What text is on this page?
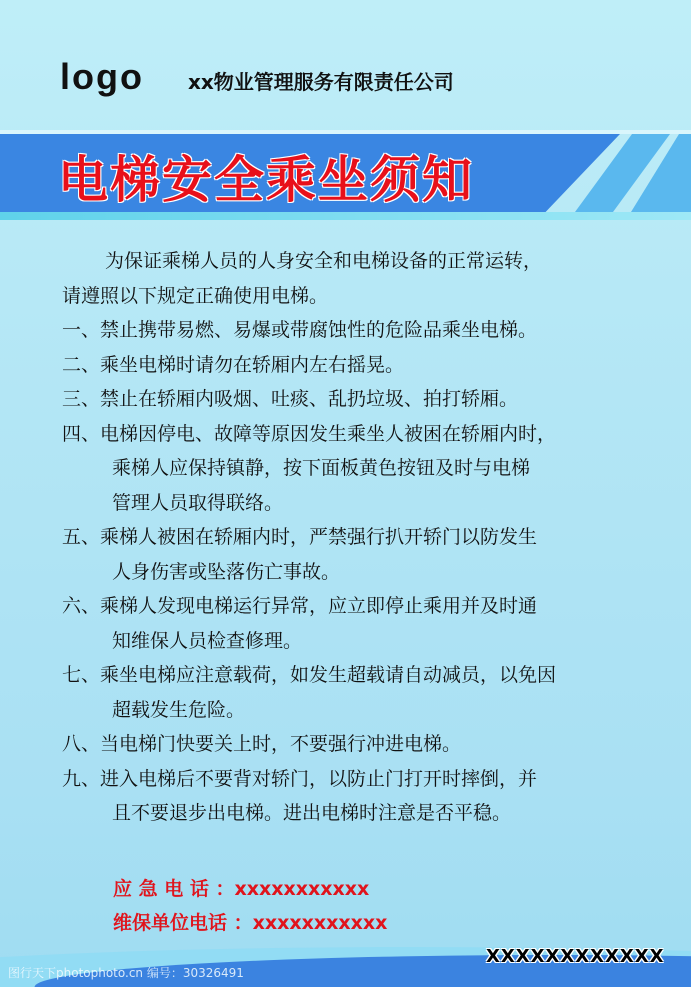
logo xx物业管理服务有限责任公司
电梯安全乘坐须知
为保证乘梯人员的人身安全和电梯设备的正常运转，
请遵照以下规定正确使用电梯。
一、禁止携带易燃、易爆或带腐蚀性的危险品乘坐电梯。
二、乘坐电梯时请勿在轿厢内左右摇晃。
三、禁止在轿厢内吸烟、吐痰、乱扔垃圾、拍打轿厢。
四、电梯因停电、故障等原因发生乘坐人被困在轿厢内时，
乘梯人应保持镇静，按下面板黄色按钮及时与电梯
管理人员取得联络。
五、乘梯人被困在轿厢内时，严禁强行扒开轿门以防发生
人身伤害或坠落伤亡事故。
六、乘梯人发现电梯运行异常，应立即停止乘用并及时通
知维保人员检查修理。
七、乘坐电梯应注意载荷，如发生超载请自动减员，以免因
超载发生危险。
八、当电梯门快要关上时，不要强行冲进电梯。
九、进入电梯后不要背对轿门，以防止门打开时摔倒，并
且不要退步出电梯。进出电梯时注意是否平稳。
应 急 电 话 ：xxxxxxxxxxx
维保单位电话 ：xxxxxxxxxxx
XXXXXXXXXXXX
图行天下photophoto.cn 编号：30326491
